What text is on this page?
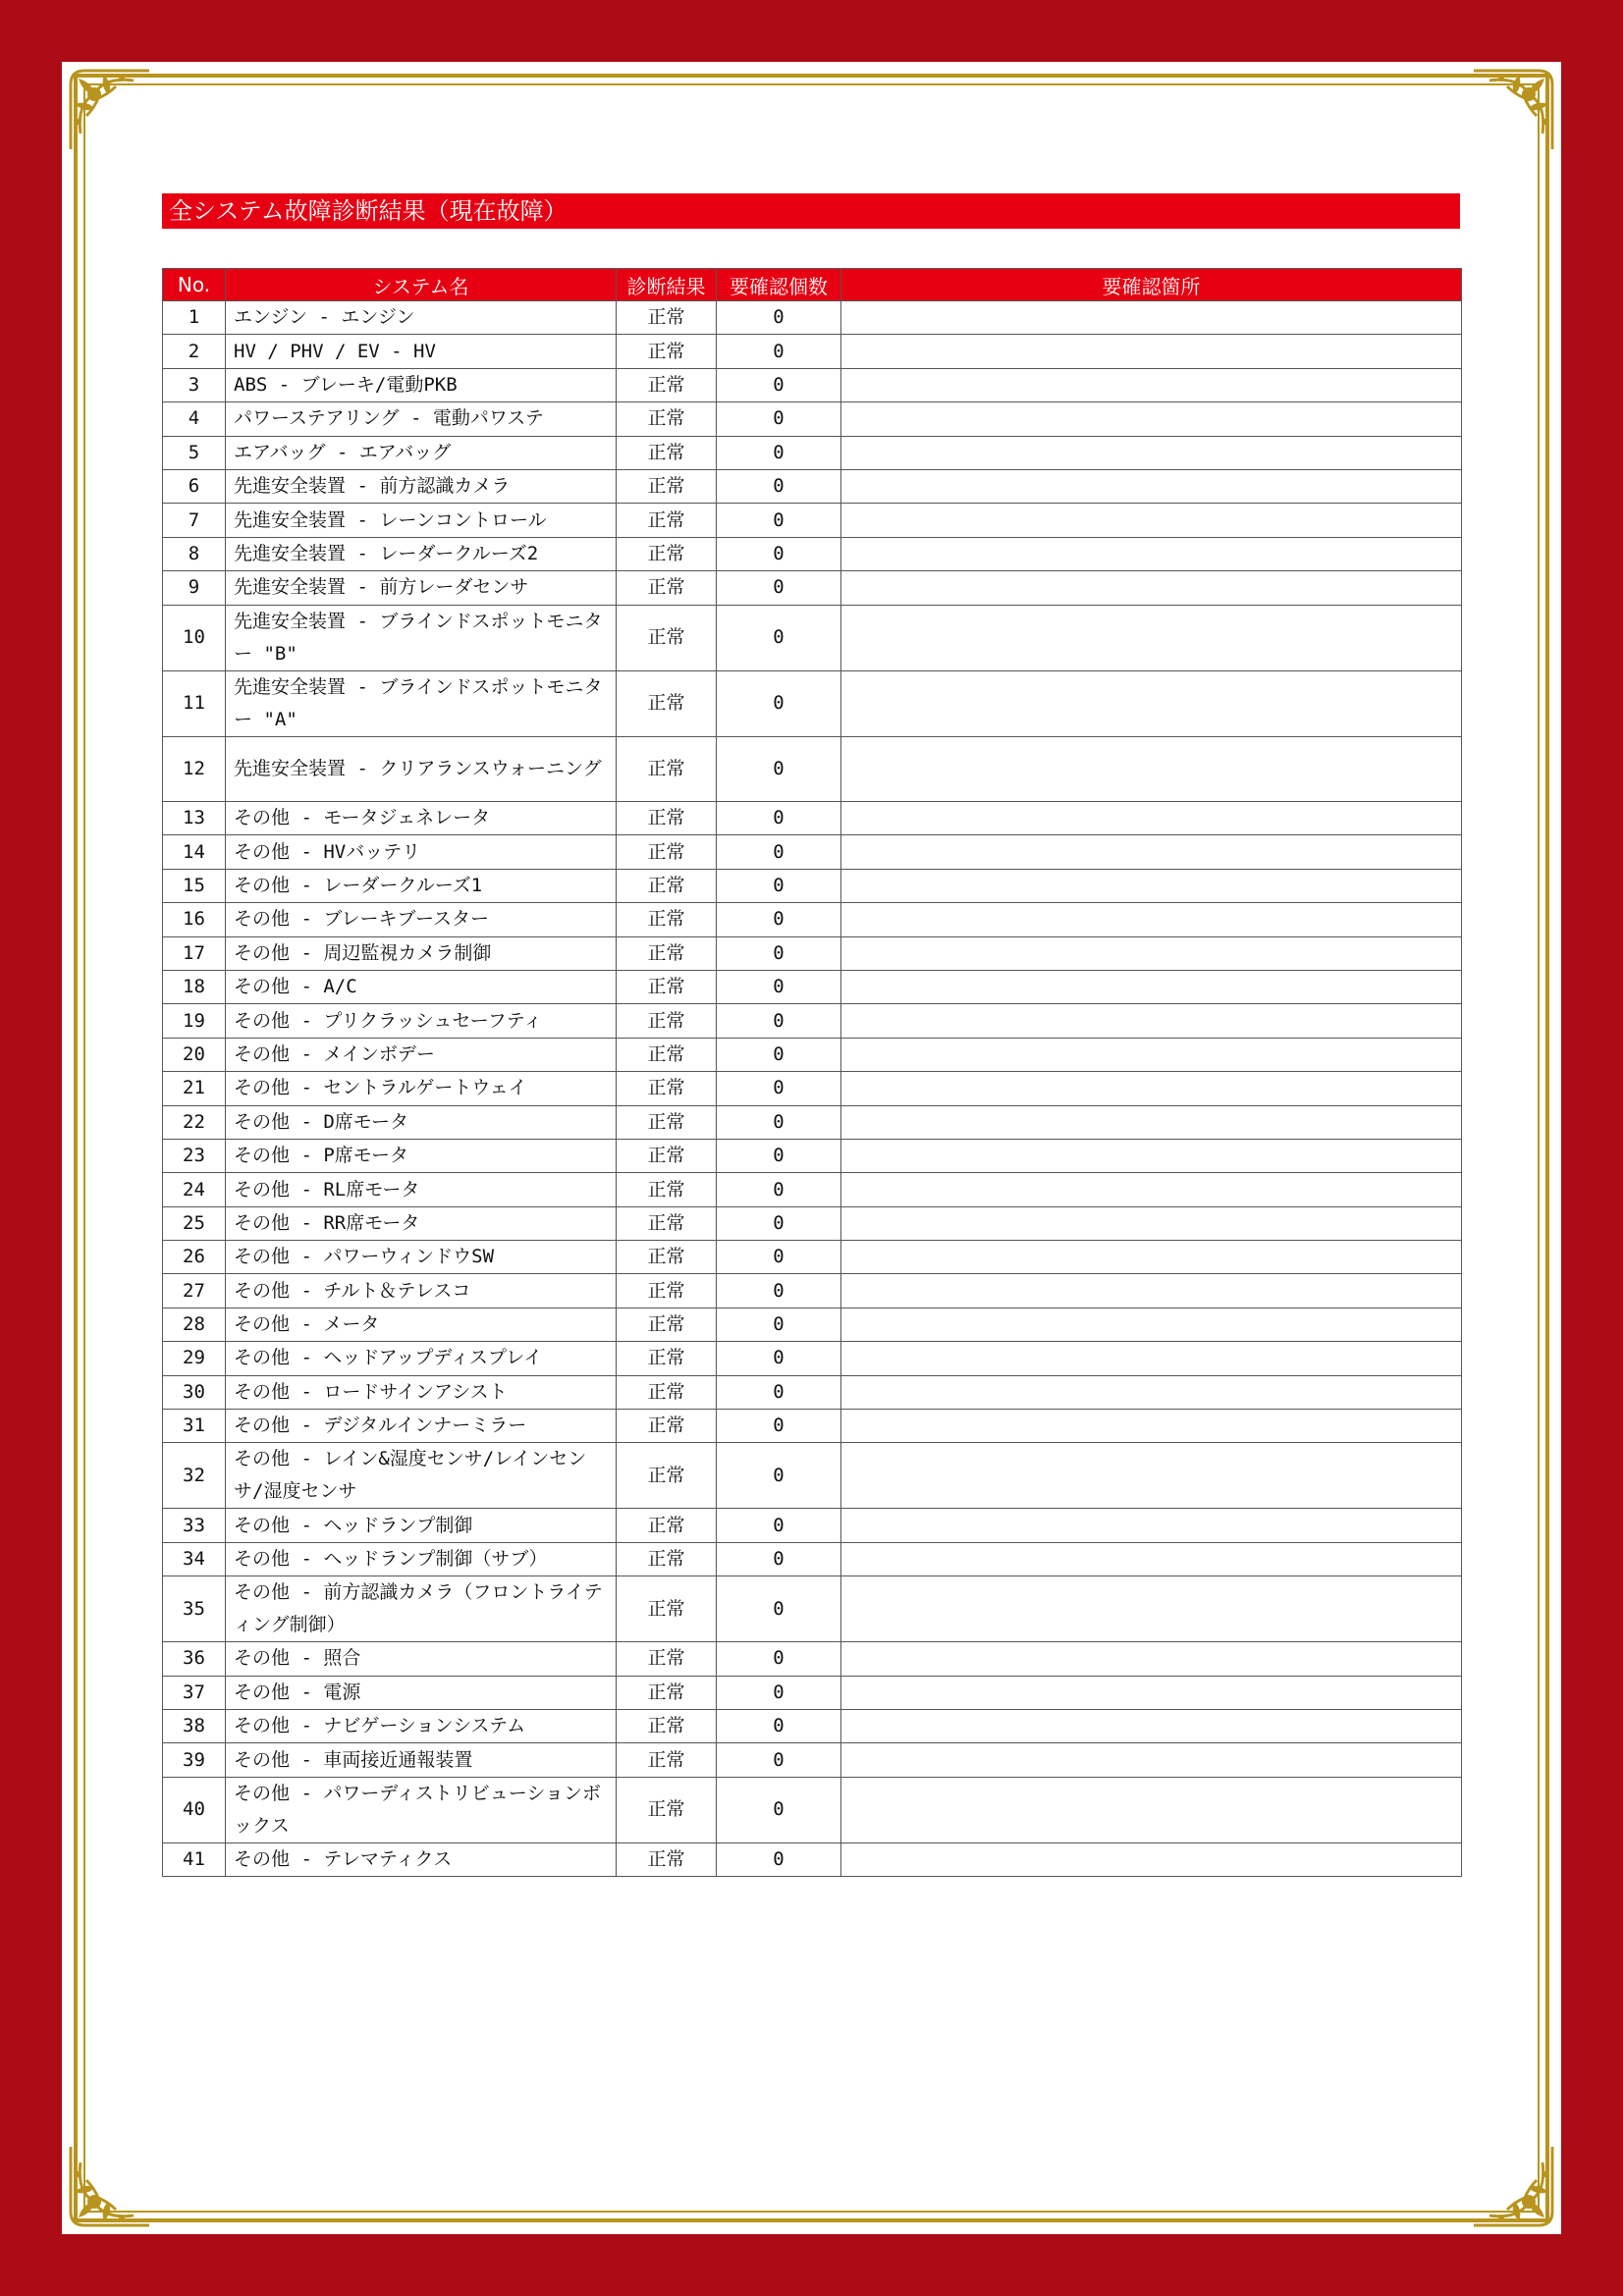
全システム故障診断結果（現在故障）
No.	システム名	診断結果	要確認個数	要確認箇所
1	エンジン - エンジン	正常	0	
2	HV / PHV / EV - HV	正常	0	
3	ABS - ブレーキ/電動PKB	正常	0	
4	パワーステアリング - 電動パワステ	正常	0	
5	エアバッグ - エアバッグ	正常	0	
6	先進安全装置 - 前方認識カメラ	正常	0	
7	先進安全装置 - レーンコントロール	正常	0	
8	先進安全装置 - レーダークルーズ2	正常	0	
9	先進安全装置 - 前方レーダセンサ	正常	0	
10	先進安全装置 - ブラインドスポットモニター "B"	正常	0	
11	先進安全装置 - ブラインドスポットモニター "A"	正常	0	
12	先進安全装置 - クリアランスウォーニング	正常	0	
13	その他 - モータジェネレータ	正常	0	
14	その他 - HVバッテリ	正常	0	
15	その他 - レーダークルーズ1	正常	0	
16	その他 - ブレーキブースター	正常	0	
17	その他 - 周辺監視カメラ制御	正常	0	
18	その他 - A/C	正常	0	
19	その他 - プリクラッシュセーフティ	正常	0	
20	その他 - メインボデー	正常	0	
21	その他 - セントラルゲートウェイ	正常	0	
22	その他 - D席モータ	正常	0	
23	その他 - P席モータ	正常	0	
24	その他 - RL席モータ	正常	0	
25	その他 - RR席モータ	正常	0	
26	その他 - パワーウィンドウSW	正常	0	
27	その他 - チルト＆テレスコ	正常	0	
28	その他 - メータ	正常	0	
29	その他 - ヘッドアップディスプレイ	正常	0	
30	その他 - ロードサインアシスト	正常	0	
31	その他 - デジタルインナーミラー	正常	0	
32	その他 - レイン&湿度センサ/レインセンサ/湿度センサ	正常	0	
33	その他 - ヘッドランプ制御	正常	0	
34	その他 - ヘッドランプ制御（サブ）	正常	0	
35	その他 - 前方認識カメラ（フロントライティング制御）	正常	0	
36	その他 - 照合	正常	0	
37	その他 - 電源	正常	0	
38	その他 - ナビゲーションシステム	正常	0	
39	その他 - 車両接近通報装置	正常	0	
40	その他 - パワーディストリビューションボックス	正常	0	
41	その他 - テレマティクス	正常	0	
